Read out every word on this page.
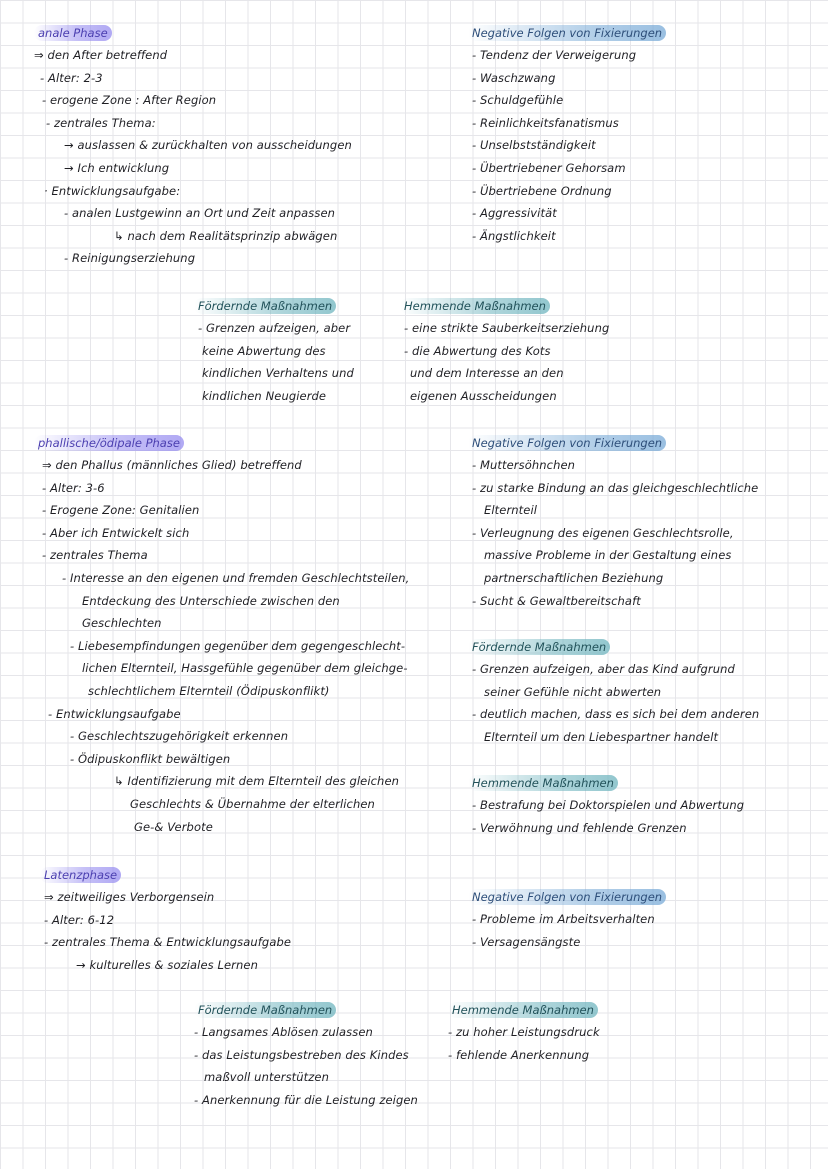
anale Phase
⇒ den After betreffend
- Alter: 2-3
- erogene Zone : After Region
- zentrales Thema:
→ auslassen & zurückhalten von ausscheidungen
→ Ich entwicklung
· Entwicklungsaufgabe:
- analen Lustgewinn an Ort und Zeit anpassen
↳ nach dem Realitätsprinzip abwägen
- Reinigungserziehung
Negative Folgen von Fixierungen
- Tendenz der Verweigerung
- Waschzwang
- Schuldgefühle
- Reinlichkeitsfanatismus
- Unselbstständigkeit
- Übertriebener Gehorsam
- Übertriebene Ordnung
- Aggressivität
- Ängstlichkeit
Fördernde Maßnahmen
- Grenzen aufzeigen, aber
keine Abwertung des
kindlichen Verhaltens und
kindlichen Neugierde
Hemmende Maßnahmen
- eine strikte Sauberkeitserziehung
- die Abwertung des Kots
und dem Interesse an den
eigenen Ausscheidungen
phallische/ödipale Phase
⇒ den Phallus (männliches Glied) betreffend
- Alter: 3-6
- Erogene Zone: Genitalien
- Aber ich Entwickelt sich
- zentrales Thema
- Interesse an den eigenen und fremden Geschlechtsteilen,
Entdeckung des Unterschiede zwischen den
Geschlechten
- Liebesempfindungen gegenüber dem gegengeschlecht-
lichen Elternteil, Hassgefühle gegenüber dem gleichge-
schlechtlichem Elternteil (Ödipuskonflikt)
- Entwicklungsaufgabe
- Geschlechtszugehörigkeit erkennen
- Ödipuskonflikt bewältigen
↳ Identifizierung mit dem Elternteil des gleichen
Geschlechts & Übernahme der elterlichen
Ge-& Verbote
Negative Folgen von Fixierungen
- Muttersöhnchen
- zu starke Bindung an das gleichgeschlechtliche
Elternteil
- Verleugnung des eigenen Geschlechtsrolle,
massive Probleme in der Gestaltung eines
partnerschaftlichen Beziehung
- Sucht & Gewaltbereitschaft
Fördernde Maßnahmen
- Grenzen aufzeigen, aber das Kind aufgrund
seiner Gefühle nicht abwerten
- deutlich machen, dass es sich bei dem anderen
Elternteil um den Liebespartner handelt
Hemmende Maßnahmen
- Bestrafung bei Doktorspielen und Abwertung
- Verwöhnung und fehlende Grenzen
Latenzphase
⇒ zeitweiliges Verborgensein
- Alter: 6-12
- zentrales Thema & Entwicklungsaufgabe
→ kulturelles & soziales Lernen
Negative Folgen von Fixierungen
- Probleme im Arbeitsverhalten
- Versagensängste
Fördernde Maßnahmen
- Langsames Ablösen zulassen
- das Leistungsbestreben des Kindes
maßvoll unterstützen
- Anerkennung für die Leistung zeigen
Hemmende Maßnahmen
- zu hoher Leistungsdruck
- fehlende Anerkennung
